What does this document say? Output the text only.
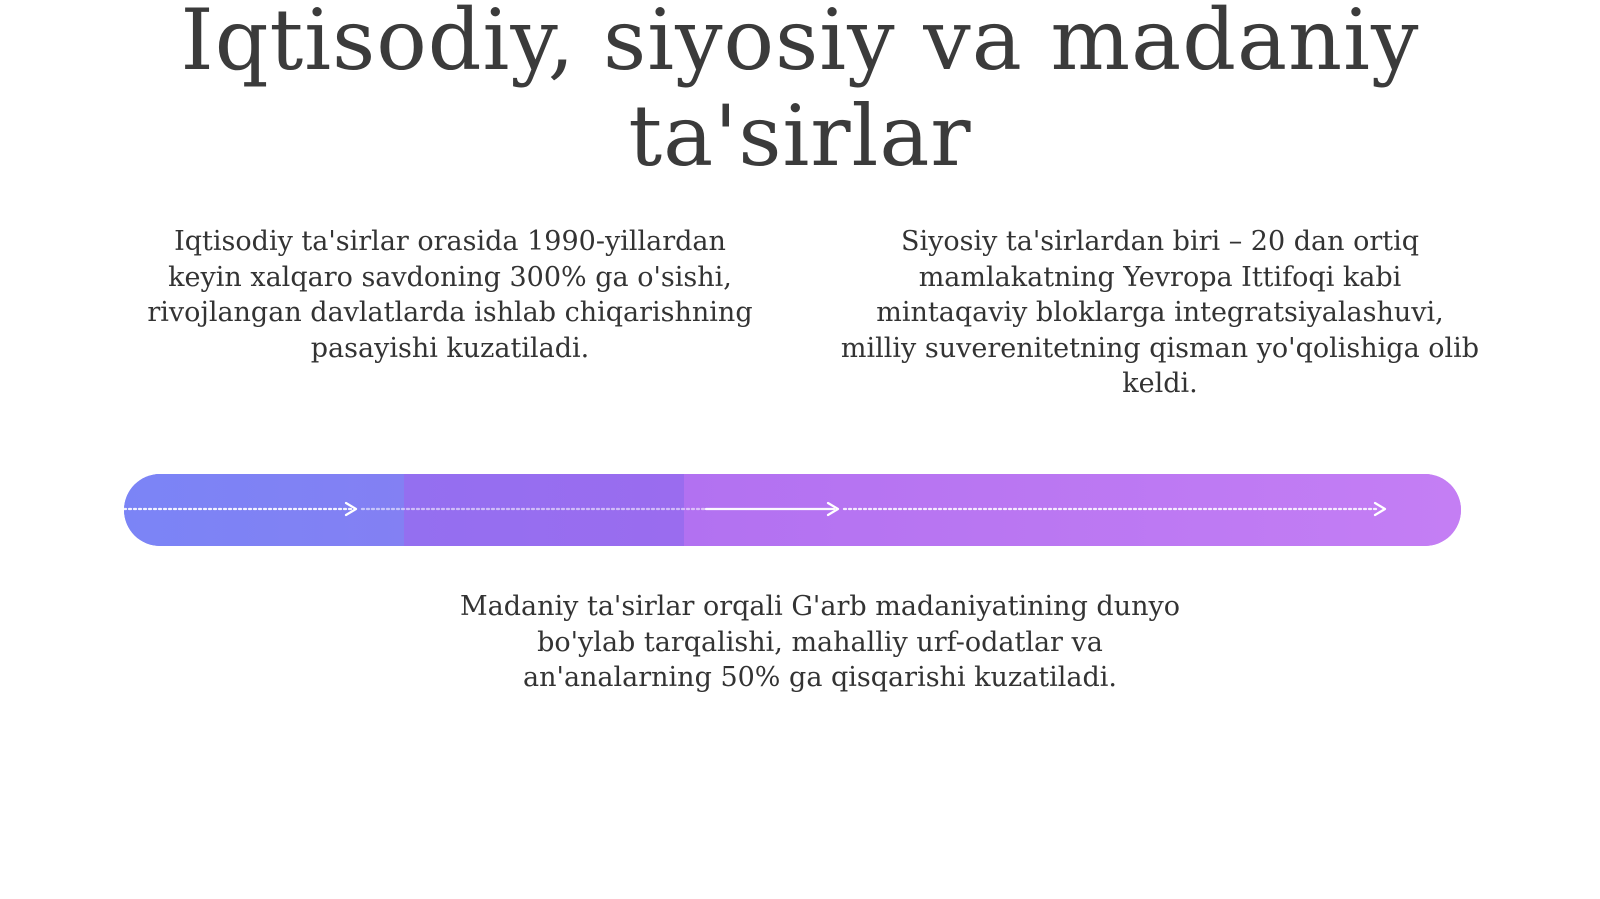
Iqtisodiy, siyosiy va madaniy ta'sirlar

Iqtisodiy ta'sirlar orasida 1990-yillardan keyin xalqaro savdoning 300% ga o'sishi, rivojlangan davlatlarda ishlab chiqarishning pasayishi kuzatiladi.

Siyosiy ta'sirlardan biri – 20 dan ortiq mamlakatning Yevropa Ittifoqi kabi mintaqaviy bloklarga integratsiyalashuvi, milliy suverenitetning qisman yo'qolishiga olib keldi.

Madaniy ta'sirlar orqali G'arb madaniyatining dunyo bo'ylab tarqalishi, mahalliy urf-odatlar va an'analarning 50% ga qisqarishi kuzatiladi.
